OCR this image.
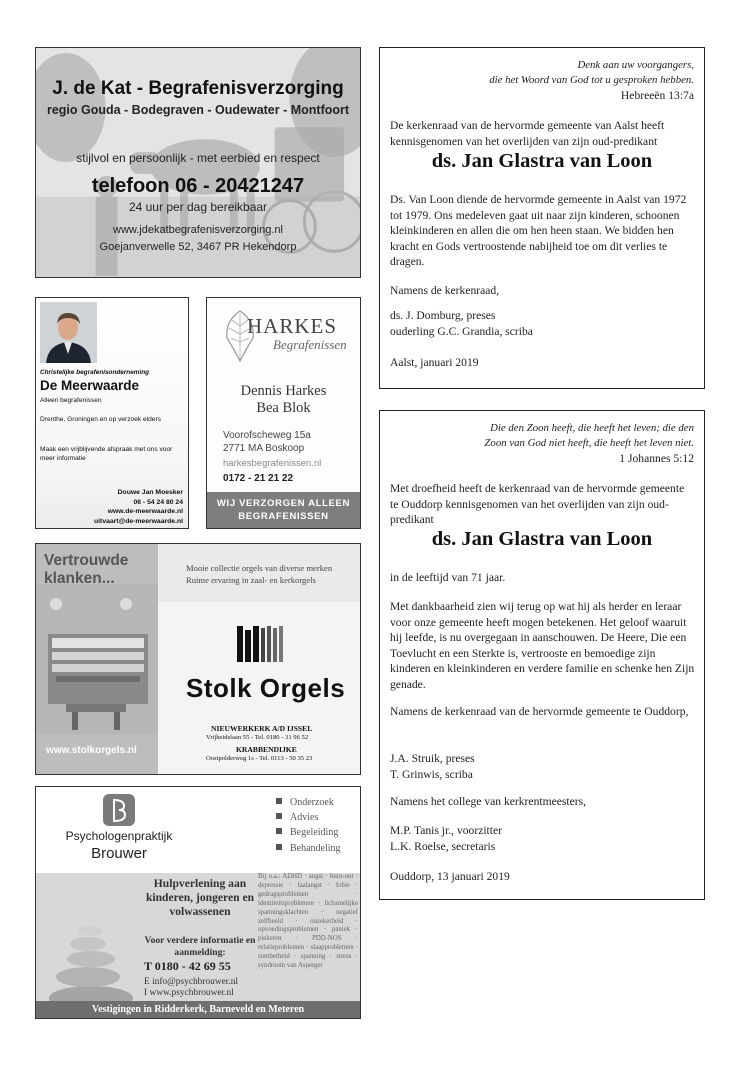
J. de Kat - Begrafenisverzorging
regio Gouda - Bodegraven - Oudewater - Montfoort
stijlvol en persoonlijk - met eerbied en respect
telefoon 06 - 20421247
24 uur per dag bereikbaar
www.jdekatbegrafenisverzorging.nl
Goejanverwelle 52, 3467 PR Hekendorp
Christelijke begrafenisonderneming
De Meerwaarde
Alleen begrafenissen
Drenthe, Groningen en op verzoek elders
Maak een vrijblijvende afspraak met ons voor meer informatie
Douwe Jan Moesker
06 - 54 24 80 24
www.de-meerwaarde.nl
uitvaart@de-meerwaarde.nl
HARKES
Begrafenissen
Dennis Harkes
Bea Blok
Voorofscheweg 15a
2771 MA Boskoop
harkesbegrafenissen.nl
0172 - 21 21 22
WIJ VERZORGEN ALLEEN
BEGRAFENISSEN
Vertrouwde
klanken...
www.stolkorgels.nl
Mooie collectie orgels van diverse merken
Ruime ervaring in zaal- en kerkorgels
Stolk Orgels
NIEUWERKERK A/D IJSSEL
Vrijheidslaan 55 - Tel. 0180 - 31 96 52
KRABBENDIJKE
Oostpolderweg 1s - Tel. 0113 - 50 35 23
Psychologenpraktijk
Brouwer
Onderzoek
Advies
Begeleiding
Behandeling
Hulpverlening aan kinderen, jongeren en volwassenen
Voor verdere informatie en aanmelding:
T 0180 - 42 69 55
E info@psychbrouwer.nl
I www.psychbrouwer.nl
Bij o.a.: ADHD · angst · burn-out · depressie · faalangst · fobie · gedragsproblemen · identiteitsproblemen · lichamelijke spanningsklachten · negatief zelfbeeld · onzekerheid · opvoedingsproblemen · paniek · piekeren · PDD-NOS · relatieproblemen · slaapproblemen · somberheid · spanning · stress · syndroom van Asperger
Vestigingen in Ridderkerk, Barneveld en Meteren
Denk aan uw voorgangers,
die het Woord van God tot u gesproken hebben.
Hebreeën 13:7a
De kerkenraad van de hervormde gemeente van Aalst heeft kennisgenomen van het overlijden van zijn oud-predikant
ds. Jan Glastra van Loon
Ds. Van Loon diende de hervormde gemeente in Aalst van 1972 tot 1979. Ons medeleven gaat uit naar zijn kinderen, schoonen kleinkinderen en allen die om hen heen staan. We bidden hen kracht en Gods vertroostende nabijheid toe om dit verlies te dragen.
Namens de kerkenraad,
ds. J. Domburg, preses
ouderling G.C. Grandia, scriba
Aalst, januari 2019
Die den Zoon heeft, die heeft het leven; die den
Zoon van God niet heeft, die heeft het leven niet.
1 Johannes 5:12
Met droefheid heeft de kerkenraad van de hervormde gemeente te Ouddorp kennisgenomen van het overlijden van zijn oud-predikant
ds. Jan Glastra van Loon
in de leeftijd van 71 jaar.
Met dankbaarheid zien wij terug op wat hij als herder en leraar voor onze gemeente heeft mogen betekenen. Het geloof waaruit hij leefde, is nu overgegaan in aanschouwen. De Heere, Die een Toevlucht en een Sterkte is, vertrooste en bemoedige zijn kinderen en kleinkinderen en verdere familie en schenke hen Zijn genade.
Namens de kerkenraad van de hervormde gemeente te Ouddorp,
J.A. Struik, preses
T. Grinwis, scriba
Namens het college van kerkrentmeesters,
M.P. Tanis jr., voorzitter
L.K. Roelse, secretaris
Ouddorp, 13 januari 2019
